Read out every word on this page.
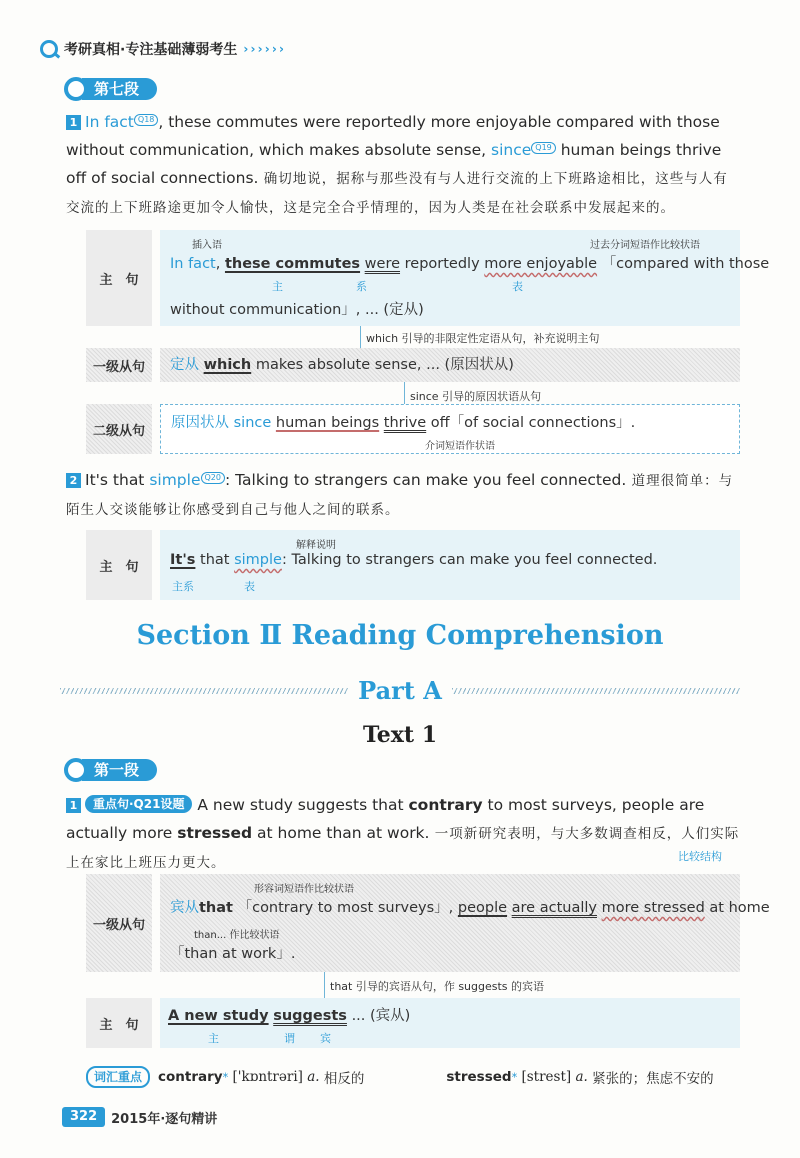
考研真相·专注基础薄弱考生 › › › › › ›
第七段
1 In fact Q18 , these commutes were reportedly more enjoyable compared with those without communication, which makes absolute sense, since Q19 human beings thrive off of social connections. 确切地说，据称与那些没有与人进行交流的上下班路途相比，这些与人有交流的上下班路途更加令人愉快，这是完全合乎情理的，因为人类是在社会联系中发展起来的。
主　句
插入语	过去分词短语作比较状语
In fact, these commutes were reportedly more enjoyable 「compared with those
主	系	表
without communication」, ... (定从)
which 引导的非限定性定语从句，补充说明主句
一级从句	定从 which makes absolute sense, ... (原因状从)
since 引导的原因状语从句
二级从句	原因状从 since human beings thrive off「of social connections」.
介词短语作状语
2 It's that simple Q20 : Talking to strangers can make you feel connected. 道理很简单：与陌生人交谈能够让你感受到自己与他人之间的联系。
主　句
解释说明
It's that simple: Talking to strangers can make you feel connected.
主系	表
Section Ⅱ Reading Comprehension
Part A
Text 1
第一段
1 重点句·Q21设题 A new study suggests that contrary to most surveys, people are actually more stressed at home than at work. 一项新研究表明，与大多数调查相反，人们实际上在家比上班压力更大。	比较结构
一级从句
形容词短语作比较状语
宾从that 「contrary to most surveys」, people are actually more stressed at home
than... 作比较状语
「than at work」.
that 引导的宾语从句，作 suggests 的宾语
主　句
A new study suggests ... (宾从)
主	谓 宾
词汇重点	contrary *
['kɒntrəri]
a.
相反的	stressed *
[strest]
a.
紧张的；焦虑不安的
322	2015年·逐句精讲
